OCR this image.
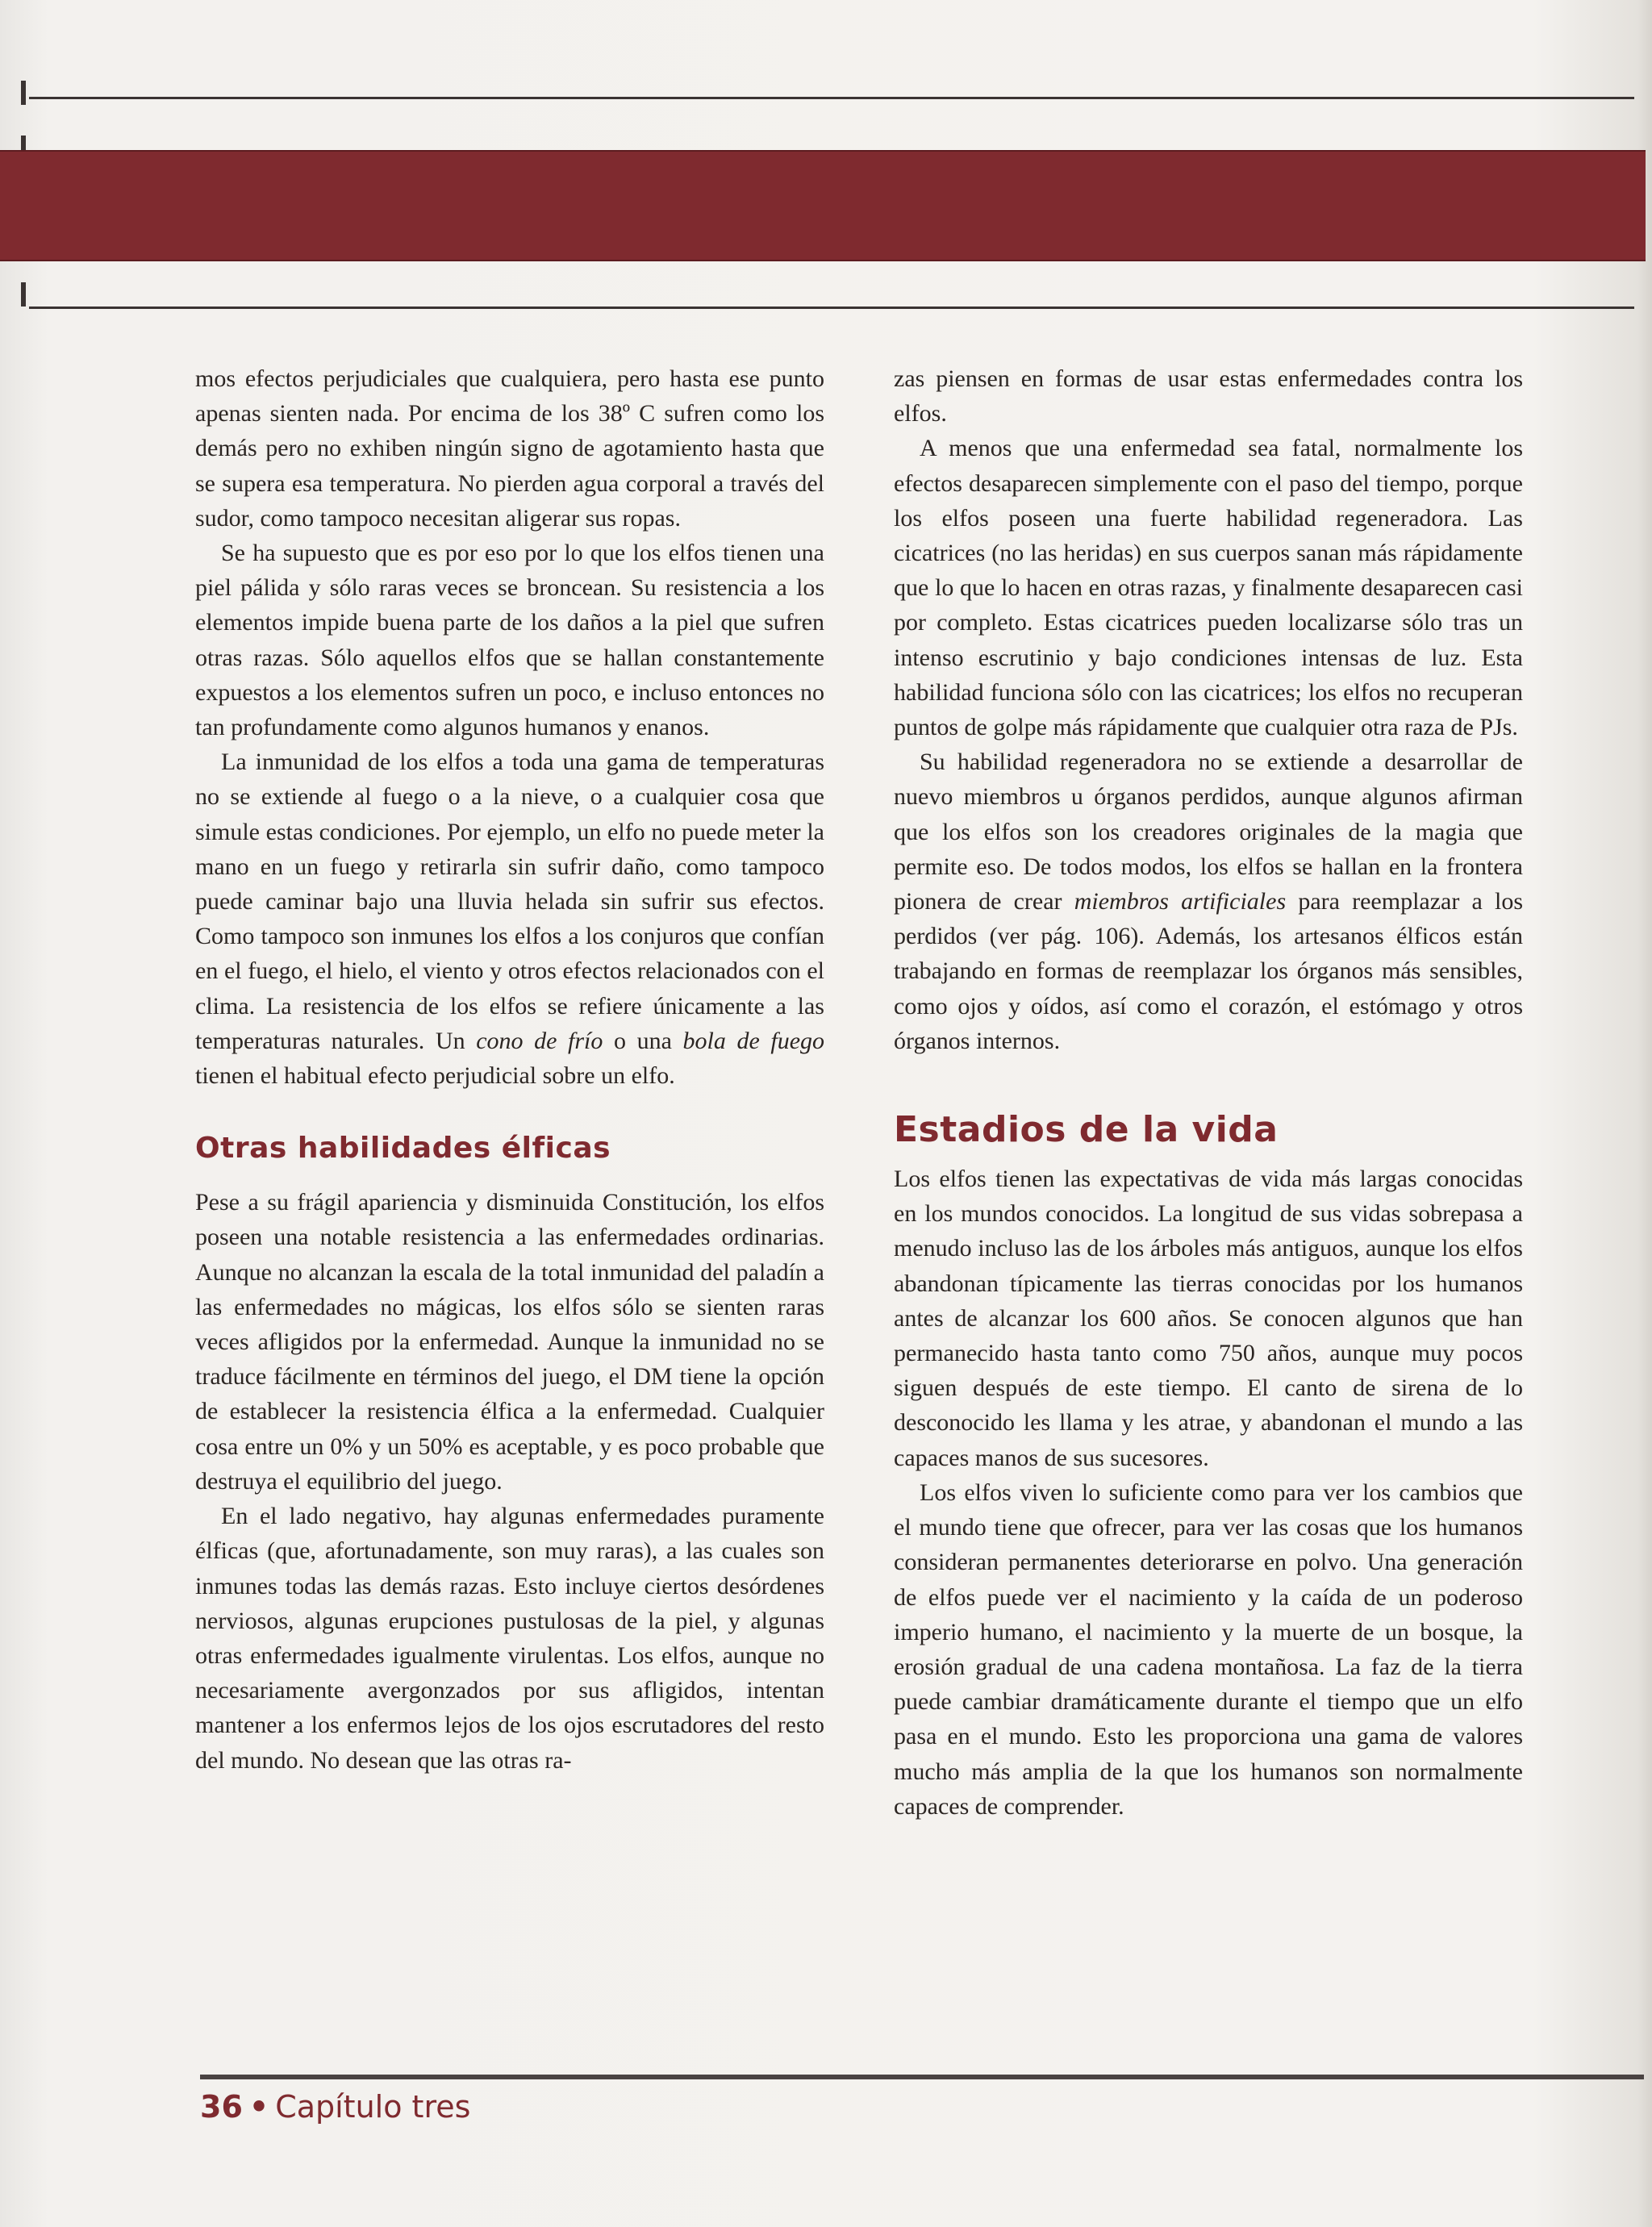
mos efectos perjudiciales que cualquiera, pero hasta ese punto apenas sienten nada. Por encima de los 38º C sufren como los demás pero no exhiben ningún signo de agotamiento hasta que se supera esa temperatura. No pierden agua corporal a través del sudor, como tampoco necesitan aligerar sus ropas.

Se ha supuesto que es por eso por lo que los elfos tienen una piel pálida y sólo raras veces se broncean. Su resistencia a los elementos impide buena parte de los daños a la piel que sufren otras razas. Sólo aquellos elfos que se hallan constantemente expuestos a los elementos sufren un poco, e incluso entonces no tan profundamente como algunos humanos y enanos.

La inmunidad de los elfos a toda una gama de temperaturas no se extiende al fuego o a la nieve, o a cualquier cosa que simule estas condiciones. Por ejemplo, un elfo no puede meter la mano en un fuego y retirarla sin sufrir daño, como tampoco puede caminar bajo una lluvia helada sin sufrir sus efectos. Como tampoco son inmunes los elfos a los conjuros que confían en el fuego, el hielo, el viento y otros efectos relacionados con el clima. La resistencia de los elfos se refiere únicamente a las temperaturas naturales. Un cono de frío o una bola de fuego tienen el habitual efecto perjudicial sobre un elfo.

Otras habilidades élficas

Pese a su frágil apariencia y disminuida Constitución, los elfos poseen una notable resistencia a las enfermedades ordinarias. Aunque no alcanzan la escala de la total inmunidad del paladín a las enfermedades no mágicas, los elfos sólo se sienten raras veces afligidos por la enfermedad. Aunque la inmunidad no se traduce fácilmente en términos del juego, el DM tiene la opción de establecer la resistencia élfica a la enfermedad. Cualquier cosa entre un 0% y un 50% es aceptable, y es poco probable que destruya el equilibrio del juego.

En el lado negativo, hay algunas enfermedades puramente élficas (que, afortunadamente, son muy raras), a las cuales son inmunes todas las demás razas. Esto incluye ciertos desórdenes nerviosos, algunas erupciones pustulosas de la piel, y algunas otras enfermedades igualmente virulentas. Los elfos, aunque no necesariamente avergonzados por sus afligidos, intentan mantener a los enfermos lejos de los ojos escrutadores del resto del mundo. No desean que las otras ra-

zas piensen en formas de usar estas enfermedades contra los elfos.

A menos que una enfermedad sea fatal, normalmente los efectos desaparecen simplemente con el paso del tiempo, porque los elfos poseen una fuerte habilidad regeneradora. Las cicatrices (no las heridas) en sus cuerpos sanan más rápidamente que lo que lo hacen en otras razas, y finalmente desaparecen casi por completo. Estas cicatrices pueden localizarse sólo tras un intenso escrutinio y bajo condiciones intensas de luz. Esta habilidad funciona sólo con las cicatrices; los elfos no recuperan puntos de golpe más rápidamente que cualquier otra raza de PJs.

Su habilidad regeneradora no se extiende a desarrollar de nuevo miembros u órganos perdidos, aunque algunos afirman que los elfos son los creadores originales de la magia que permite eso. De todos modos, los elfos se hallan en la frontera pionera de crear miembros artificiales para reemplazar a los perdidos (ver pág. 106). Además, los artesanos élficos están trabajando en formas de reemplazar los órganos más sensibles, como ojos y oídos, así como el corazón, el estómago y otros órganos internos.

Estadios de la vida

Los elfos tienen las expectativas de vida más largas conocidas en los mundos conocidos. La longitud de sus vidas sobrepasa a menudo incluso las de los árboles más antiguos, aunque los elfos abandonan típicamente las tierras conocidas por los humanos antes de alcanzar los 600 años. Se conocen algunos que han permanecido hasta tanto como 750 años, aunque muy pocos siguen después de este tiempo. El canto de sirena de lo desconocido les llama y les atrae, y abandonan el mundo a las capaces manos de sus sucesores.

Los elfos viven lo suficiente como para ver los cambios que el mundo tiene que ofrecer, para ver las cosas que los humanos consideran permanentes deteriorarse en polvo. Una generación de elfos puede ver el nacimiento y la caída de un poderoso imperio humano, el nacimiento y la muerte de un bosque, la erosión gradual de una cadena montañosa. La faz de la tierra puede cambiar dramáticamente durante el tiempo que un elfo pasa en el mundo. Esto les proporciona una gama de valores mucho más amplia de la que los humanos son normalmente capaces de comprender.

36 • Capítulo tres
